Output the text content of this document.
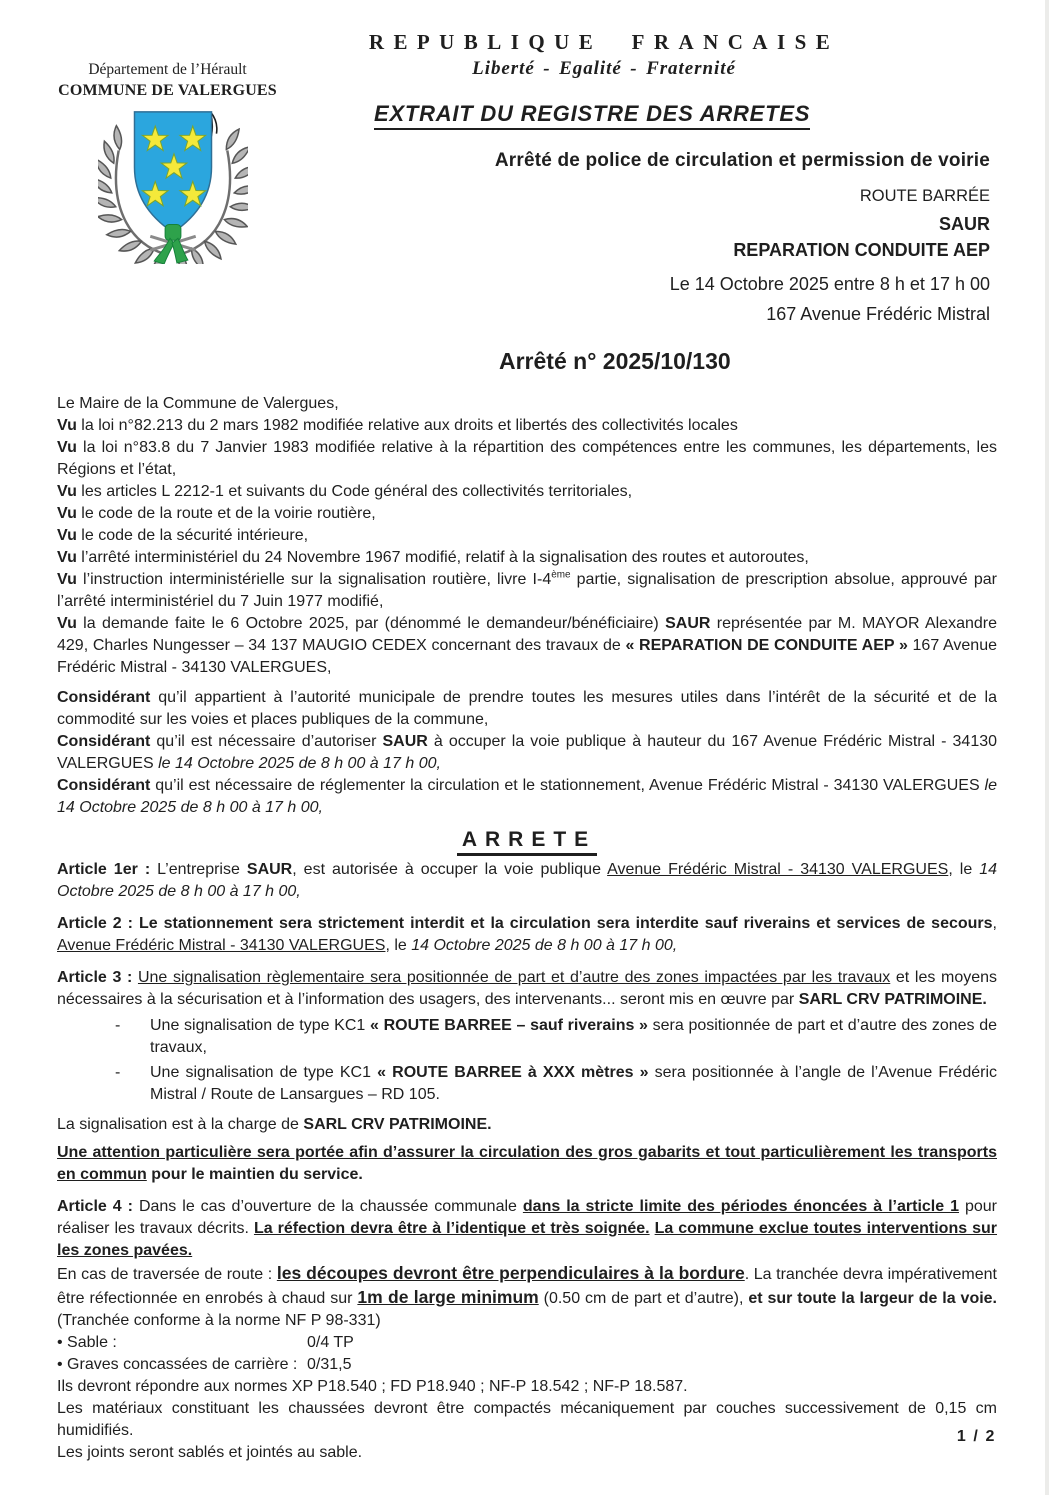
REPUBLIQUE FRANCAISE
Liberté - Egalité - Fraternité
Département de l’Hérault
COMMUNE DE VALERGUES
EXTRAIT DU REGISTRE DES ARRETES
Arrêté de police de circulation et permission de voirie
ROUTE BARRÉE
SAUR
REPARATION CONDUITE AEP
Le 14 Octobre 2025 entre 8 h et 17 h 00
167 Avenue Frédéric Mistral
Arrêté n° 2025/10/130

Le Maire de la Commune de Valergues,

Vu la loi n°82.213 du 2 mars 1982 modifiée relative aux droits et libertés des collectivités locales

Vu la loi n°83.8 du 7 Janvier 1983 modifiée relative à la répartition des compétences entre les communes, les départements, les Régions et l’état,

Vu les articles L 2212-1 et suivants du Code général des collectivités territoriales,

Vu le code de la route et de la voirie routière,

Vu le code de la sécurité intérieure,

Vu l’arrêté interministériel du 24 Novembre 1967 modifié, relatif à la signalisation des routes et autoroutes,

Vu l’instruction interministérielle sur la signalisation routière, livre I-4ème partie, signalisation de prescription absolue, approuvé par l’arrêté interministériel du 7 Juin 1977 modifié,

Vu la demande faite le 6 Octobre 2025, par (dénommé le demandeur/bénéficiaire) SAUR représentée par M. MAYOR Alexandre 429, Charles Nungesser – 34 137 MAUGIO CEDEX concernant des travaux de « REPARATION DE CONDUITE AEP » 167 Avenue Frédéric Mistral - 34130 VALERGUES,

Considérant qu’il appartient à l’autorité municipale de prendre toutes les mesures utiles dans l’intérêt de la sécurité et de la commodité sur les voies et places publiques de la commune,

Considérant qu’il est nécessaire d’autoriser SAUR à occuper la voie publique à hauteur du 167 Avenue Frédéric Mistral - 34130 VALERGUES le 14 Octobre 2025 de 8 h 00 à 17 h 00,

Considérant qu’il est nécessaire de réglementer la circulation et le stationnement, Avenue Frédéric Mistral - 34130 VALERGUES le 14 Octobre 2025 de 8 h 00 à 17 h 00,

ARRETE

Article 1er : L’entreprise SAUR, est autorisée à occuper la voie publique Avenue Frédéric Mistral - 34130 VALERGUES, le 14 Octobre 2025 de 8 h 00 à 17 h 00,

Article 2 : Le stationnement sera strictement interdit et la circulation sera interdite sauf riverains et services de secours, Avenue Frédéric Mistral - 34130 VALERGUES, le 14 Octobre 2025 de 8 h 00 à 17 h 00,

Article 3 : Une signalisation règlementaire sera positionnée de part et d’autre des zones impactées par les travaux et les moyens nécessaires à la sécurisation et à l’information des usagers, des intervenants... seront mis en œuvre par SARL CRV PATRIMOINE.

- Une signalisation de type KC1 « ROUTE BARREE – sauf riverains » sera positionnée de part et d’autre des zones de travaux,
- Une signalisation de type KC1 « ROUTE BARREE à XXX mètres » sera positionnée à l’angle de l’Avenue Frédéric Mistral / Route de Lansargues – RD 105.

La signalisation est à la charge de SARL CRV PATRIMOINE.

Une attention particulière sera portée afin d’assurer la circulation des gros gabarits et tout particulièrement les transports en commun pour le maintien du service.

Article 4 : Dans le cas d’ouverture de la chaussée communale dans la stricte limite des périodes énoncées à l’article 1 pour réaliser les travaux décrits. La réfection devra être à l’identique et très soignée. La commune exclue toutes interventions sur les zones pavées.

En cas de traversée de route : les découpes devront être perpendiculaires à la bordure. La tranchée devra impérativement être réfectionnée en enrobés à chaud sur 1m de large minimum (0.50 cm de part et d’autre), et sur toute la largeur de la voie. (Tranchée conforme à la norme NF P 98-331)

• Sable :	0/4 TP
• Graves concassées de carrière : 0/31,5

Ils devront répondre aux normes XP P18.540 ; FD P18.940 ; NF-P 18.542 ; NF-P 18.587.

Les matériaux constituant les chaussées devront être compactés mécaniquement par couches successivement de 0,15 cm humidifiés.

Les joints seront sablés et jointés au sable.

1 / 2
